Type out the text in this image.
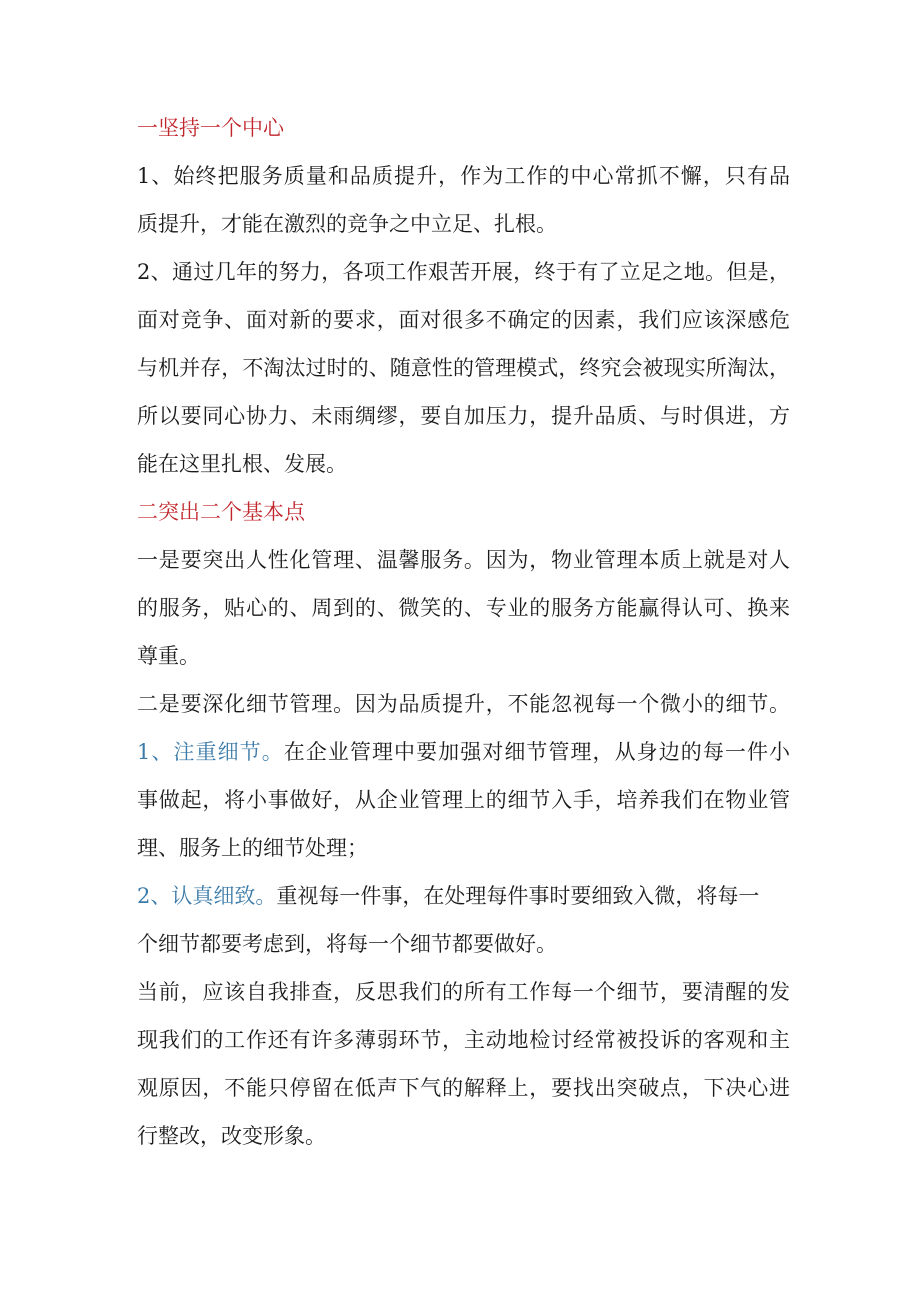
一坚持一个中心
1、始终把服务质量和品质提升，作为工作的中心常抓不懈，只有品
质提升，才能在激烈的竞争之中立足、扎根。
2、通过几年的努力，各项工作艰苦开展，终于有了立足之地。但是，
面对竞争、面对新的要求，面对很多不确定的因素，我们应该深感危
与机并存，不淘汰过时的、随意性的管理模式，终究会被现实所淘汰，
所以要同心协力、未雨绸缪，要自加压力，提升品质、与时俱进，方
能在这里扎根、发展。
二突出二个基本点
一是要突出人性化管理、温馨服务。因为，物业管理本质上就是对人
的服务，贴心的、周到的、微笑的、专业的服务方能赢得认可、换来
尊重。
二是要深化细节管理。因为品质提升，不能忽视每一个微小的细节。
1、注重细节。在企业管理中要加强对细节管理，从身边的每一件小
事做起，将小事做好，从企业管理上的细节入手，培养我们在物业管
理、服务上的细节处理；
2、认真细致。重视每一件事，在处理每件事时要细致入微，将每一
个细节都要考虑到，将每一个细节都要做好。
当前，应该自我排查，反思我们的所有工作每一个细节，要清醒的发
现我们的工作还有许多薄弱环节，主动地检讨经常被投诉的客观和主
观原因，不能只停留在低声下气的解释上，要找出突破点，下决心进
行整改，改变形象。
